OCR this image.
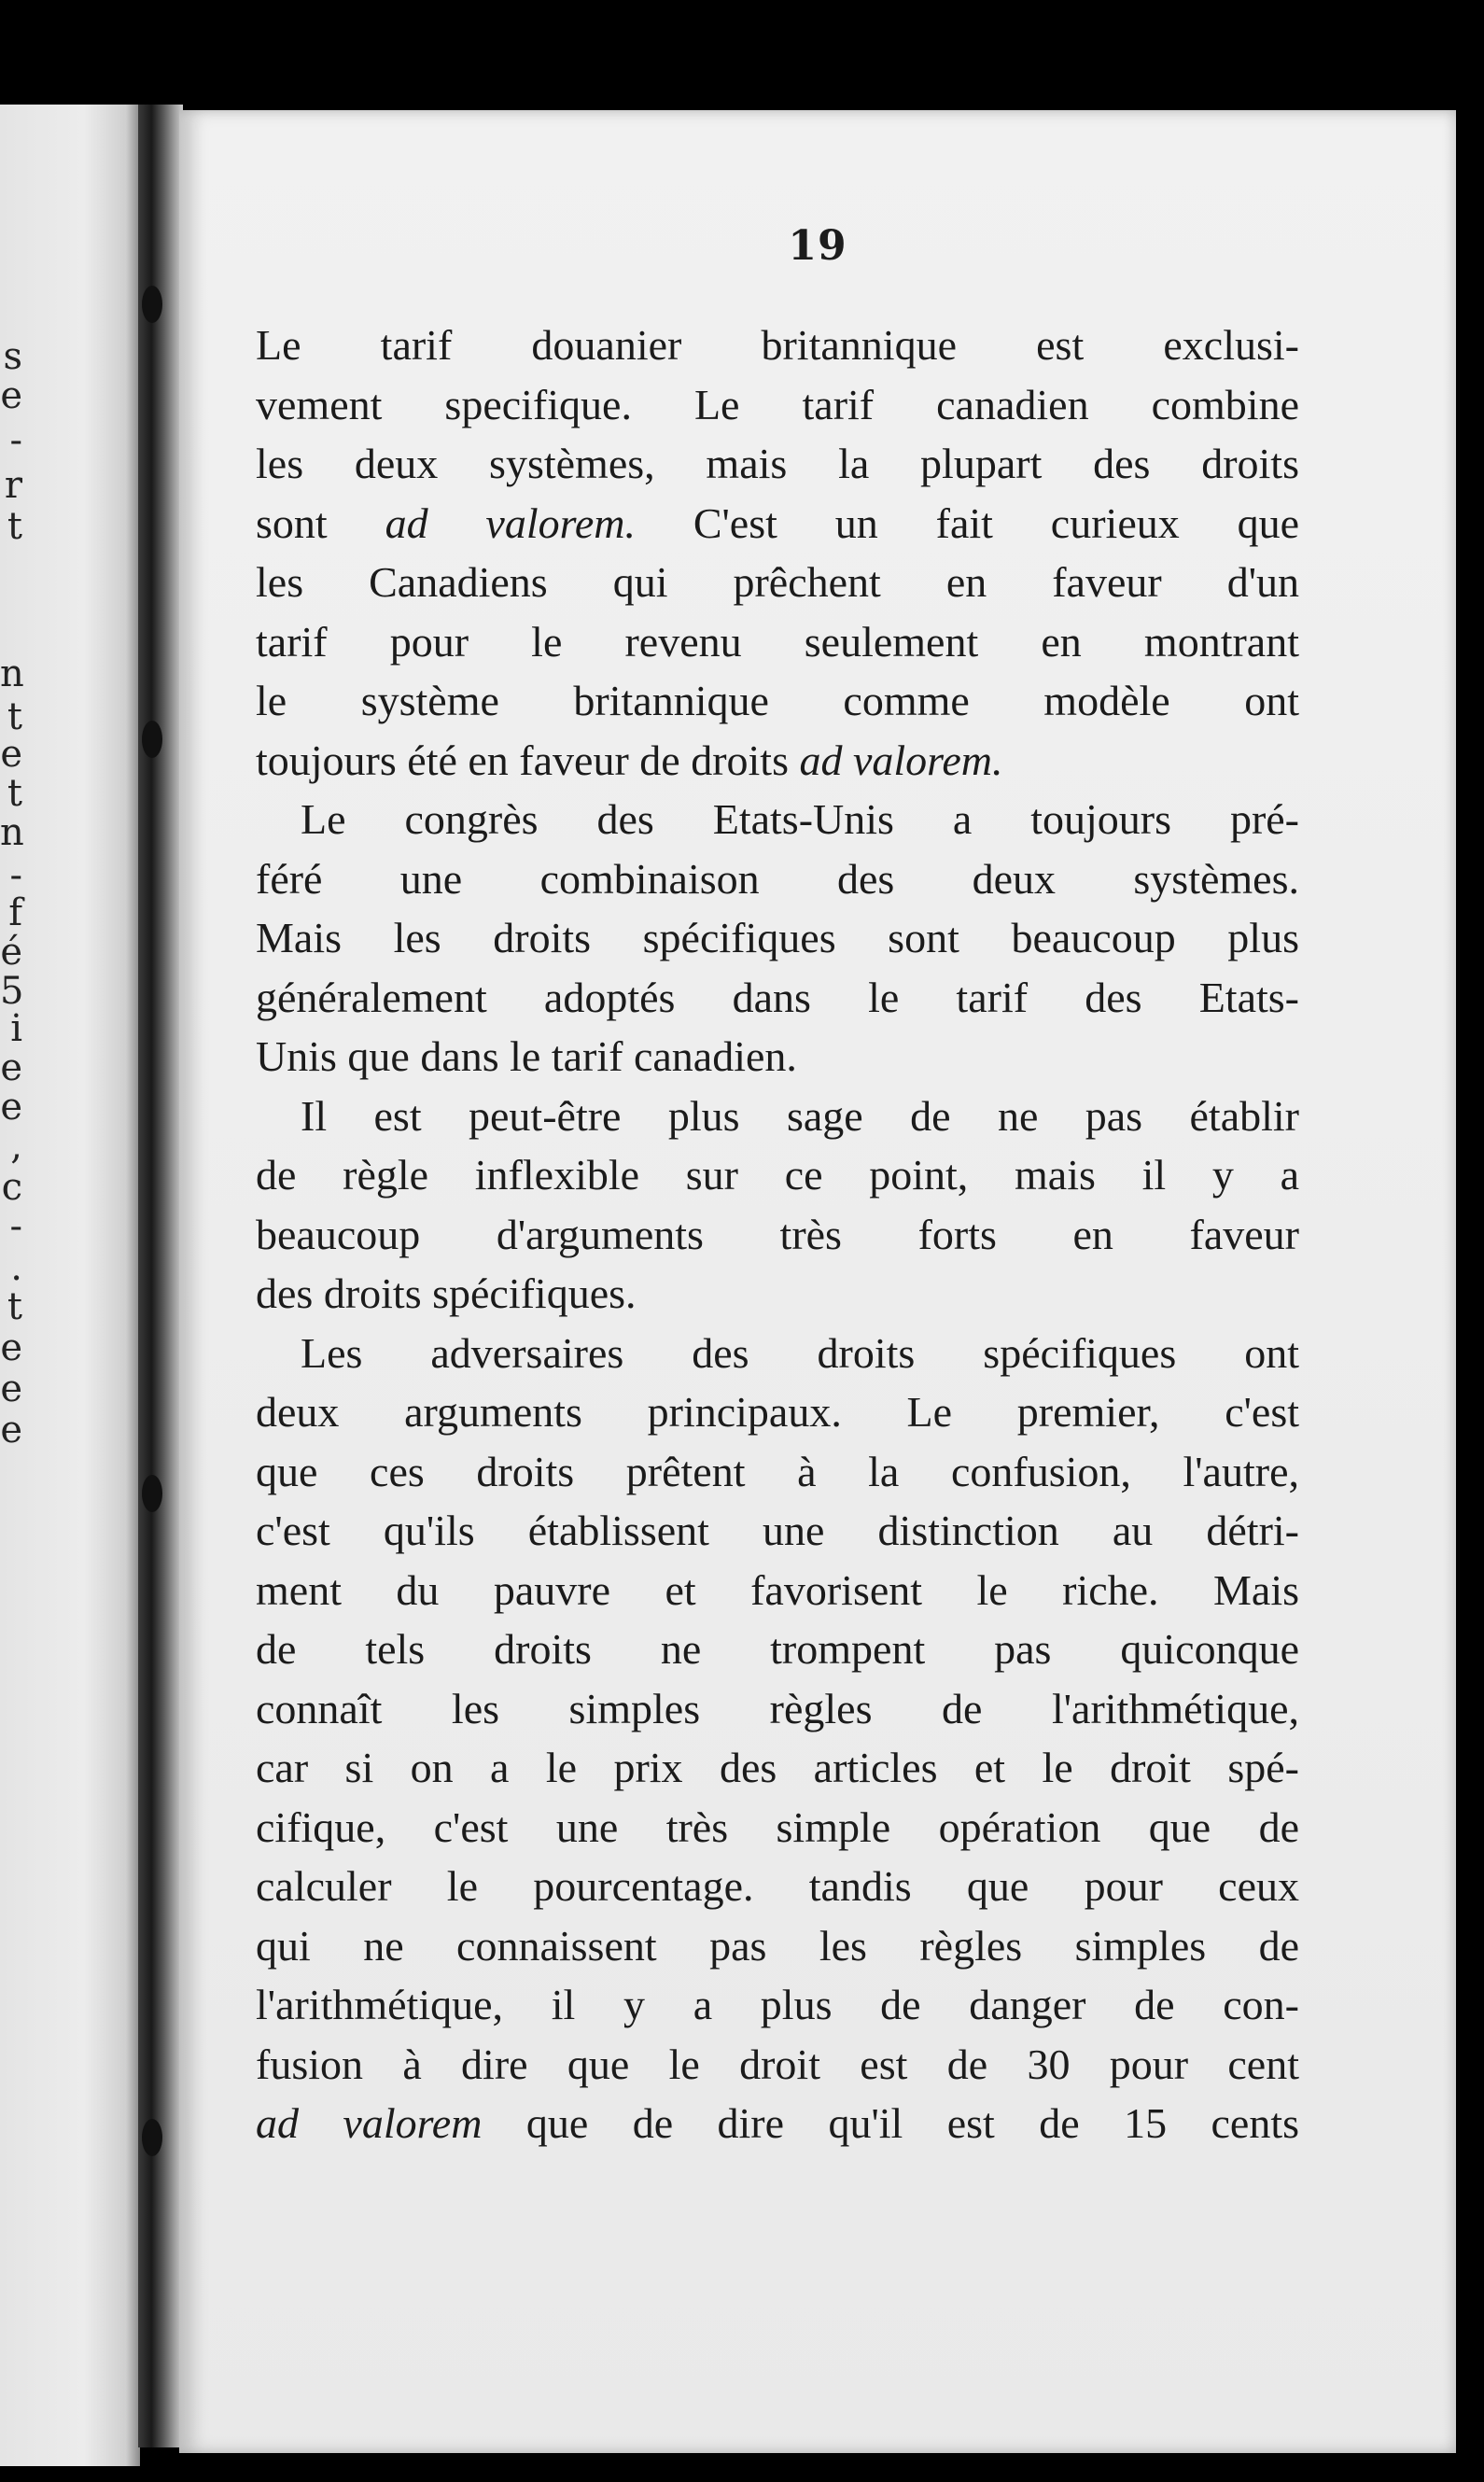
s
e
-
r
t
n
t
e
t
n
-
f
é
5
i
e
e
,
c
-
.
t
e
e
e
19
Le tarif douanier britannique est exclusi-
vement specifique. Le tarif canadien combine
les deux systèmes, mais la plupart des droits
sont ad valorem. C'est un fait curieux que
les Canadiens qui prêchent en faveur d'un
tarif pour le revenu seulement en montrant
le système britannique comme modèle ont
toujours été en faveur de droits ad valorem.
Le congrès des Etats-Unis a toujours pré-
féré une combinaison des deux systèmes.
Mais les droits spécifiques sont beaucoup plus
généralement adoptés dans le tarif des Etats-
Unis que dans le tarif canadien.
Il est peut-être plus sage de ne pas établir
de règle inflexible sur ce point, mais il y a
beaucoup d'arguments très forts en faveur
des droits spécifiques.
Les adversaires des droits spécifiques ont
deux arguments principaux. Le premier, c'est
que ces droits prêtent à la confusion, l'autre,
c'est qu'ils établissent une distinction au détri-
ment du pauvre et favorisent le riche. Mais
de tels droits ne trompent pas quiconque
connaît les simples règles de l'arithmétique,
car si on a le prix des articles et le droit spé-
cifique, c'est une très simple opération que de
calculer le pourcentage. tandis que pour ceux
qui ne connaissent pas les règles simples de
l'arithmétique, il y a plus de danger de con-
fusion à dire que le droit est de 30 pour cent
ad valorem que de dire qu'il est de 15 cents
